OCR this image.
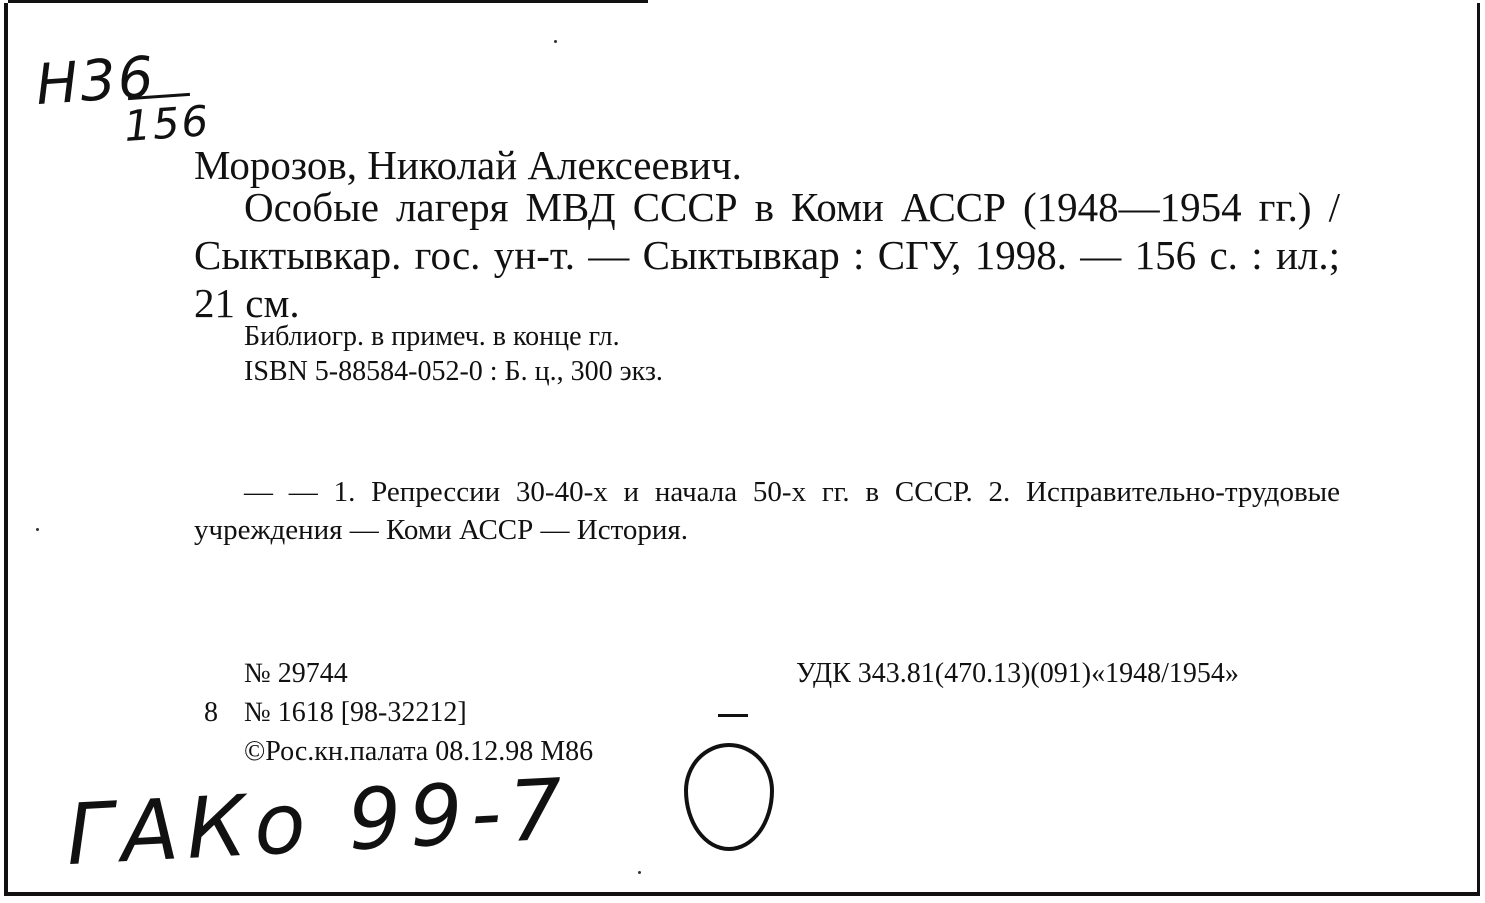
Н36
156
Морозов, Николай Алексеевич.
Особые лагеря МВД СССР в Коми АССР (1948—1954 гг.) / Сыктывкар. гос. ун-т. — Сыктывкар : СГУ, 1998. — 156 с. : ил.; 21 см.
Библиогр. в примеч. в конце гл.
ISBN 5-88584-052-0 : Б. ц., 300 экз.
— — 1. Репрессии 30-40-х и начала 50-х гг. в СССР. 2. Исправительно-трудовые учреждения — Коми АССР — История.
№ 29744	УДК 343.81(470.13)(091)«1948/1954»
8 № 1618 [98-32212]
©Рос.кн.палата 08.12.98 М86
ГАКо 99-7
